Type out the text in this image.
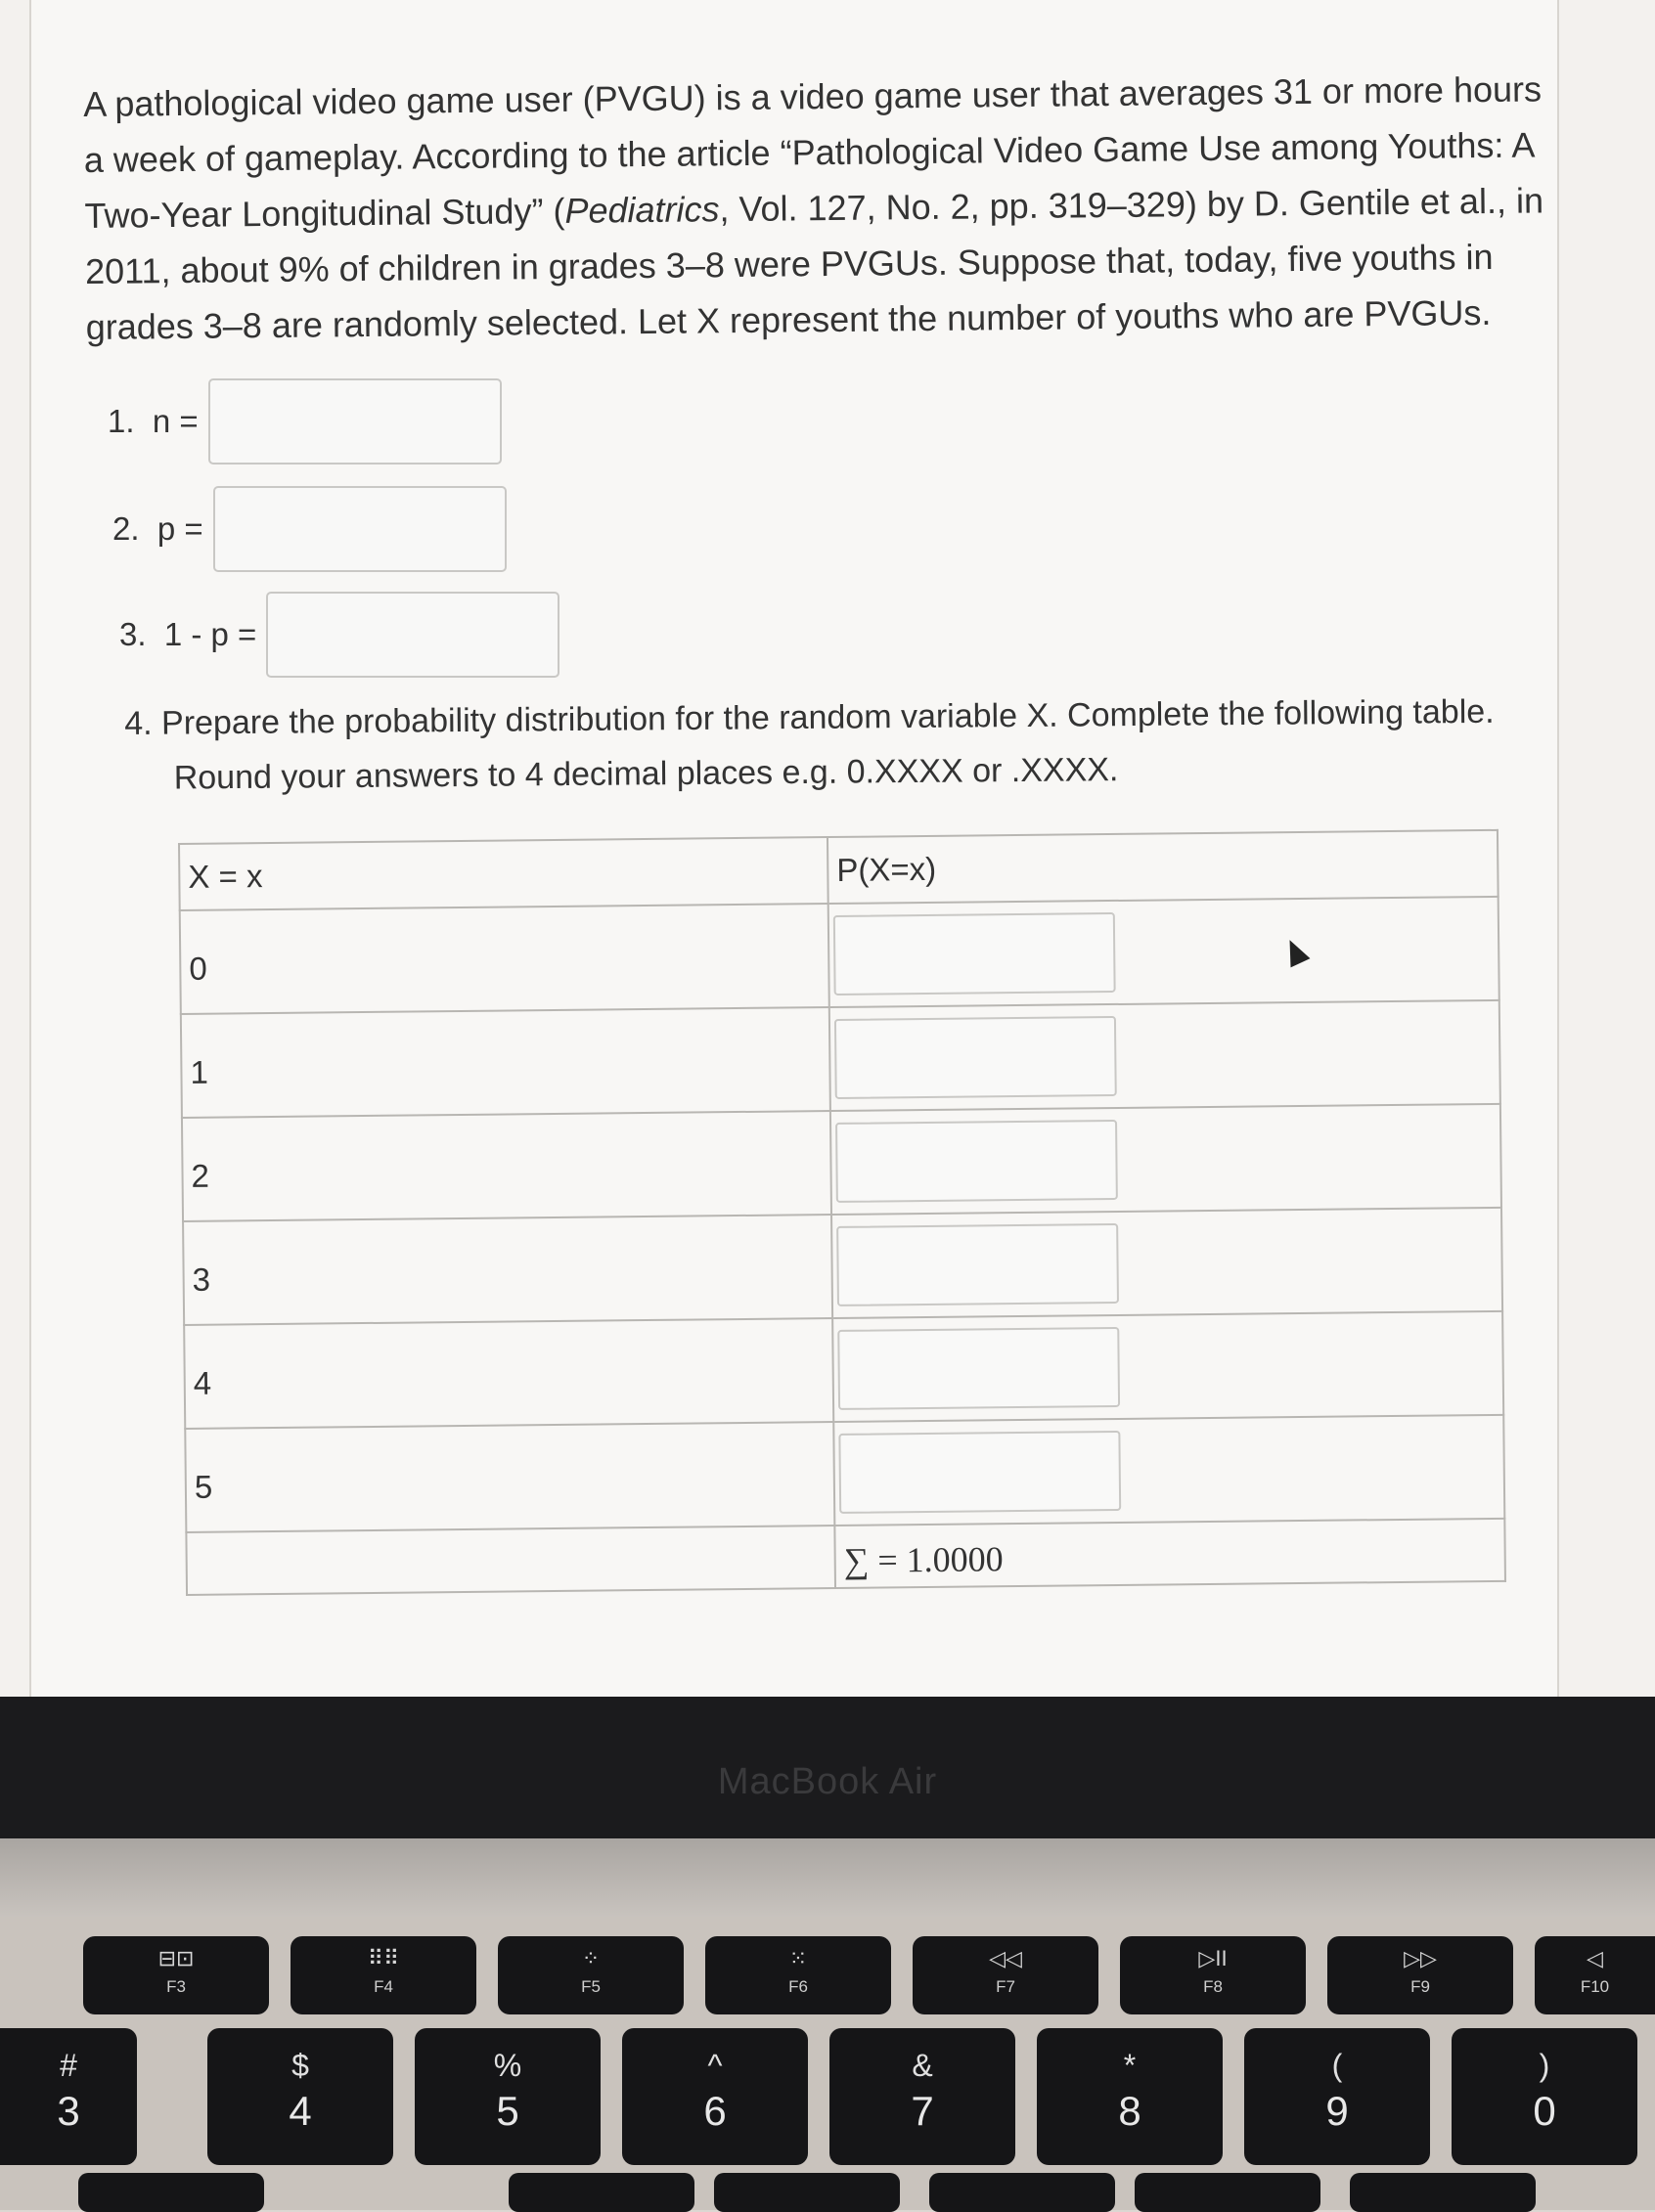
A pathological video game user (PVGU) is a video game user that averages 31 or more hours a week of gameplay. According to the article “Pathological Video Game Use among Youths: A Two-Year Longitudinal Study” (Pediatrics, Vol. 127, No. 2, pp. 319–329) by D. Gentile et al., in 2011, about 9% of children in grades 3–8 were PVGUs. Suppose that, today, five youths in grades 3–8 are randomly selected. Let X represent the number of youths who are PVGUs.
1.  n =
2.  p =
3.  1 - p =
4. Prepare the probability distribution for the random variable X. Complete the following table.
Round your answers to 4 decimal places e.g. 0.XXXX or .XXXX.
X = x	P(X=x)
0	

1	

2	

3	

4	

5	

	∑ = 1.0000
MacBook Air
⊟⊡
F3
⠿⠿
F4
⁘
F5
⁙
F6
◁◁
F7
▷II
F8
▷▷
F9
◁
F10
#
3
$
4
%
5
^
6
&
7
*
8
(
9
)
0
